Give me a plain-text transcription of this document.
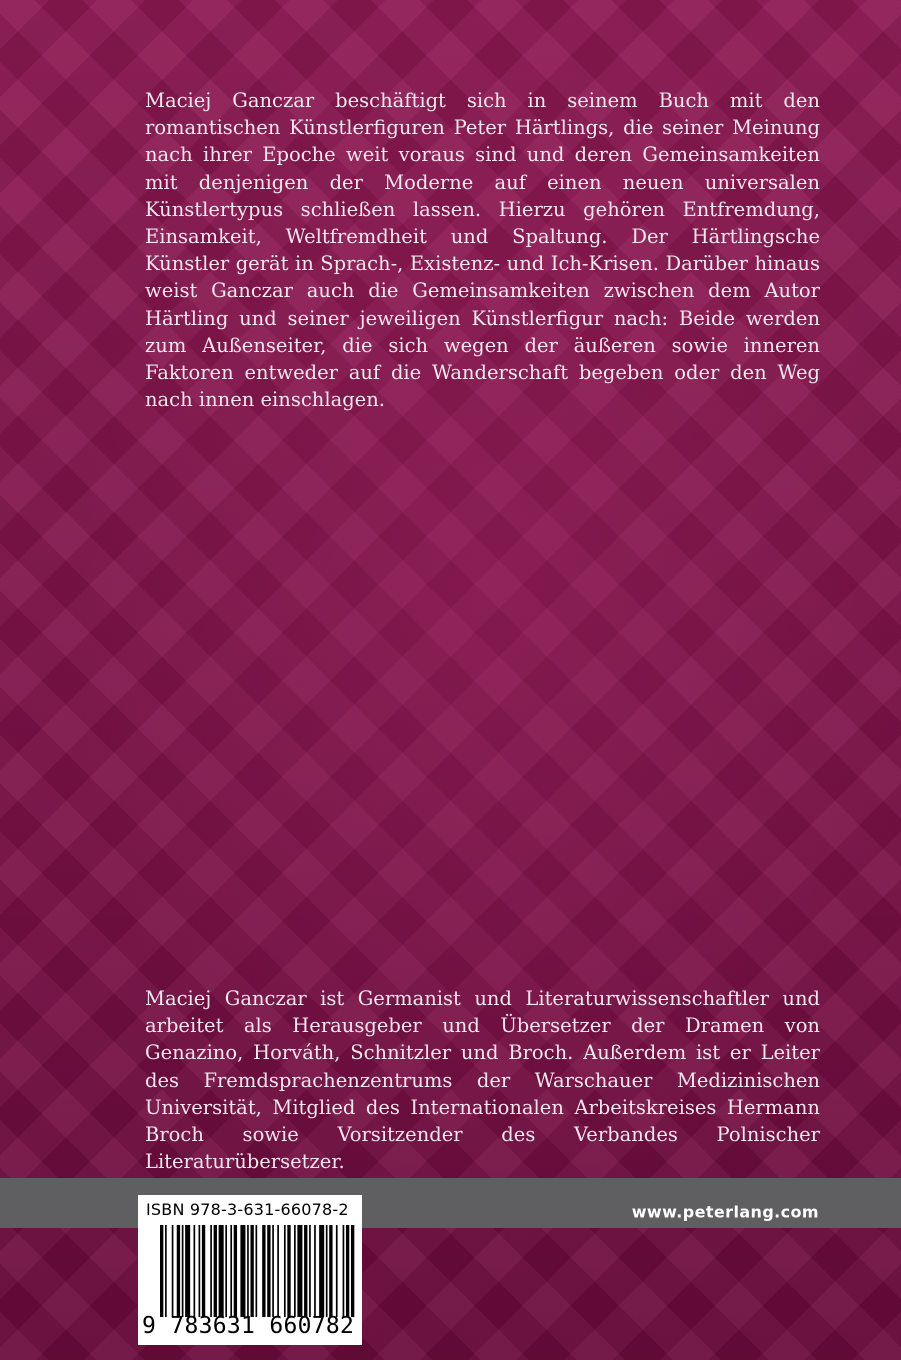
Maciej Ganczar beschäftigt sich in seinem Buch mit den romantischen Künstlerfiguren Peter Härtlings, die seiner Meinung nach ihrer Epoche weit voraus sind und deren Gemeinsamkeiten mit denjenigen der Moderne auf einen neuen universalen Künstlertypus schließen lassen. Hierzu gehören Entfremdung, Einsamkeit, Weltfremdheit und Spaltung. Der Härtlingsche Künstler gerät in Sprach-, Existenz- und Ich-Krisen. Darüber hinaus weist Ganczar auch die Gemeinsamkeiten zwischen dem Autor Härtling und seiner jeweiligen Künstlerfigur nach: Beide werden zum Außenseiter, die sich wegen der äußeren sowie inneren Faktoren entweder auf die Wanderschaft begeben oder den Weg nach innen einschlagen.

Maciej Ganczar ist Germanist und Literaturwissenschaftler und arbeitet als Herausgeber und Übersetzer der Dramen von Genazino, Horváth, Schnitzler und Broch. Außerdem ist er Leiter des Fremdsprachenzentrums der Warschauer Medizinischen Universität, Mitglied des Internationalen Arbeitskreises Hermann Broch sowie Vorsitzender des Verbandes Polnischer Literaturübersetzer.

www.peterlang.com
ISBN 978-3-631-66078-2
9 783631 660782
